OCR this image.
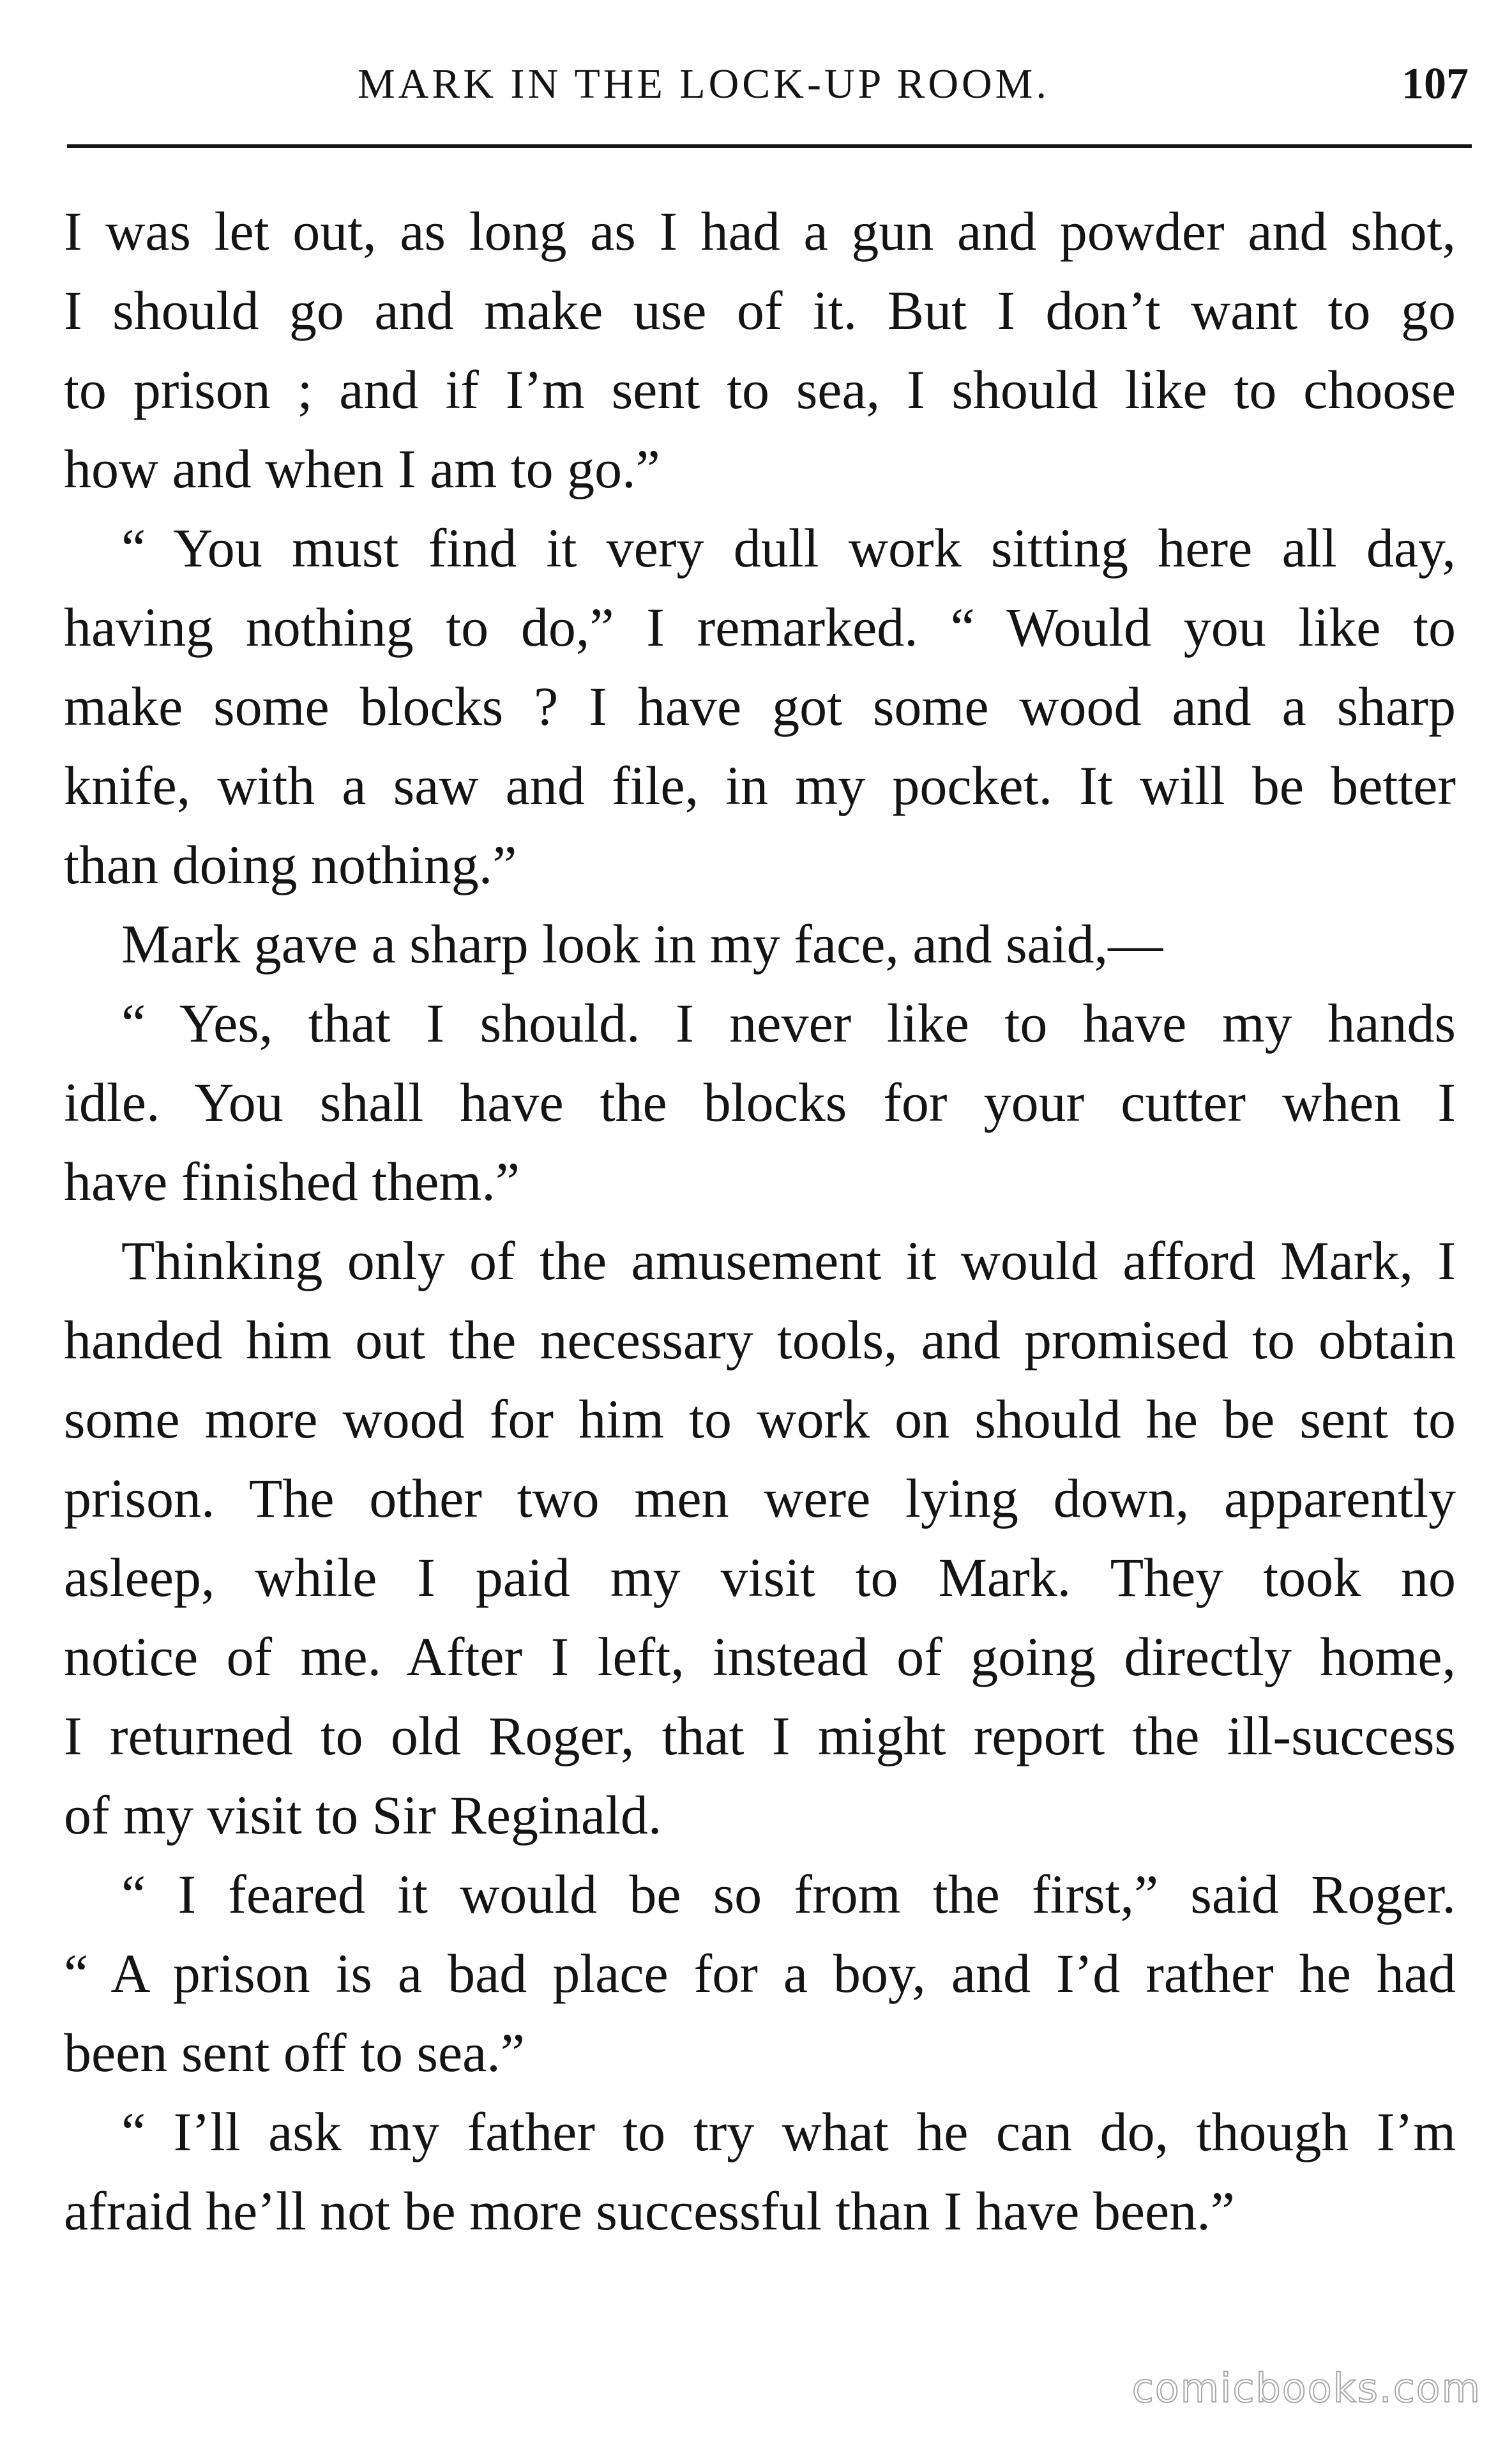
MARK IN THE LOCK-UP ROOM.	107
I was let out, as long as I had a gun and powder and shot,
I should go and make use of it. But I don’t want to go
to prison ; and if I’m sent to sea, I should like to choose
how and when I am to go.”
“ You must find it very dull work sitting here all day,
having nothing to do,” I remarked. “ Would you like to
make some blocks ? I have got some wood and a sharp
knife, with a saw and file, in my pocket. It will be better
than doing nothing.”
Mark gave a sharp look in my face, and said,—
“ Yes, that I should. I never like to have my hands
idle. You shall have the blocks for your cutter when I
have finished them.”
Thinking only of the amusement it would afford Mark, I
handed him out the necessary tools, and promised to obtain
some more wood for him to work on should he be sent to
prison. The other two men were lying down, apparently
asleep, while I paid my visit to Mark. They took no
notice of me. After I left, instead of going directly home,
I returned to old Roger, that I might report the ill-success
of my visit to Sir Reginald.
“ I feared it would be so from the first,” said Roger.
“ A prison is a bad place for a boy, and I’d rather he had
been sent off to sea.”
“ I’ll ask my father to try what he can do, though I’m
afraid he’ll not be more successful than I have been.”
comicbooks.com
